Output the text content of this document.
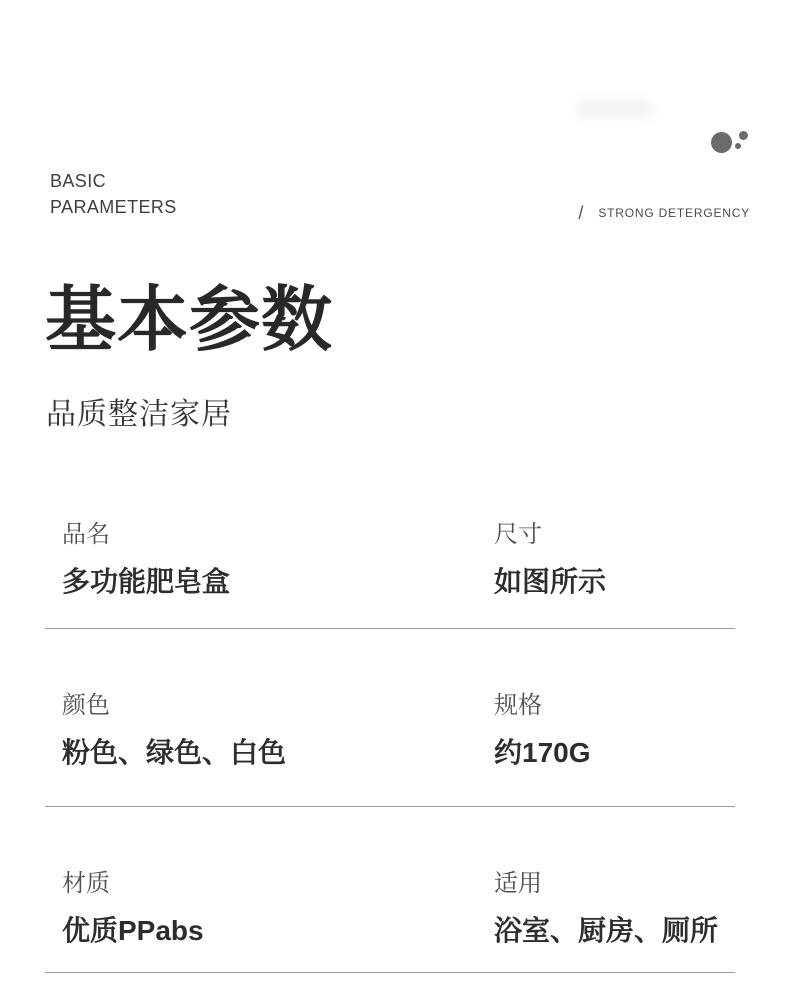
BASIC
PARAMETERS	/ STRONG DETERGENCY
基本参数
品质整洁家居
品名
多功能肥皂盒
尺寸
如图所示
颜色
粉色、绿色、白色
规格
约170G
材质
优质PPabs
适用
浴室、厨房、厕所
